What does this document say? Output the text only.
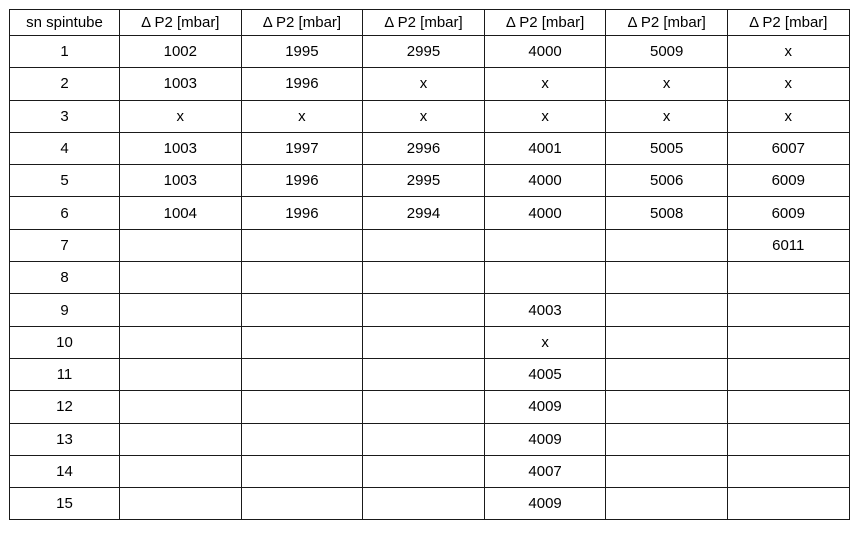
sn spintube	Δ P2 [mbar]	Δ P2 [mbar]	Δ P2 [mbar]	Δ P2 [mbar]	Δ P2 [mbar]	Δ P2 [mbar]
1	1002	1995	2995	4000	5009	x
2	1003	1996	x	x	x	x
3	x	x	x	x	x	x
4	1003	1997	2996	4001	5005	6007
5	1003	1996	2995	4000	5006	6009
6	1004	1996	2994	4000	5008	6009
7						6011
8						
9				4003		
10				x		
11				4005		
12				4009		
13				4009		
14				4007		
15				4009		
